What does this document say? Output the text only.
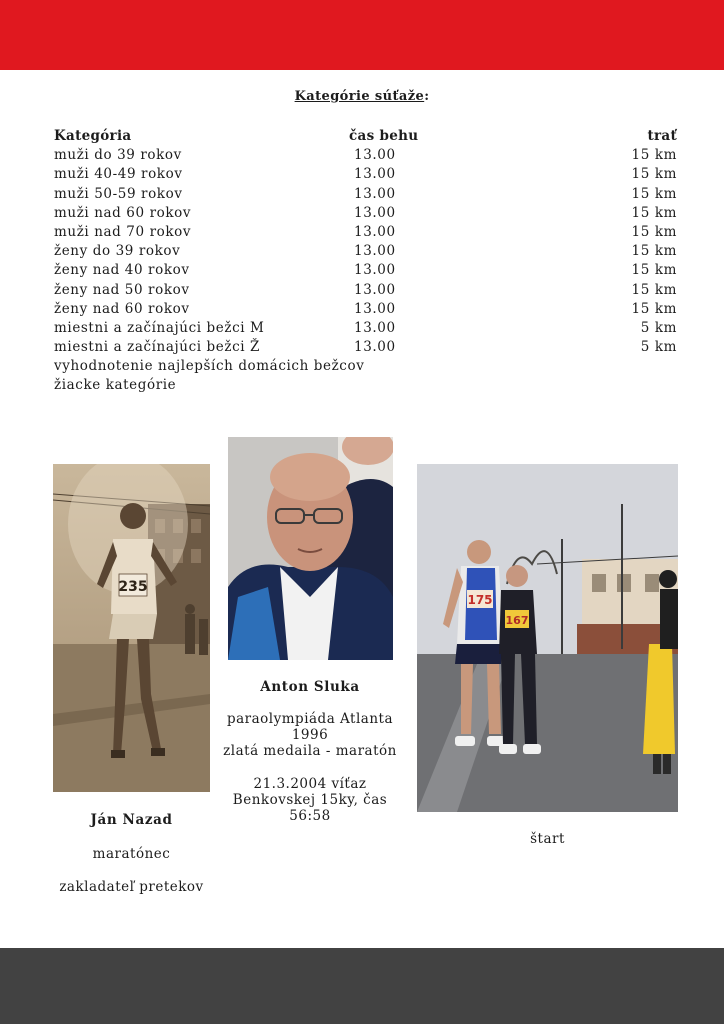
Kategórie súťaže:
Kategória	čas behu	trať
muži do 39 rokov	13.00	15 km
muži 40-49 rokov	13.00	15 km
muži 50-59 rokov	13.00	15 km
muži nad 60 rokov	13.00	15 km
muži nad 70 rokov	13.00	15 km
ženy do 39 rokov	13.00	15 km
ženy nad 40 rokov	13.00	15 km
ženy nad 50 rokov	13.00	15 km
ženy nad 60 rokov	13.00	15 km
miestni a začínajúci bežci M	13.00	5 km
miestni a začínajúci bežci Ž	13.00	5 km
vyhodnotenie najlepších domácich bežcov
žiacke kategórie
235
175
167
Ján Nazad
maratónec
zakladateľ pretekov
Anton Sluka
paraolympiáda Atlanta
1996
zlatá medaila - maratón
21.3.2004 víťaz
Benkovskej 15ky, čas
56:58
štart
